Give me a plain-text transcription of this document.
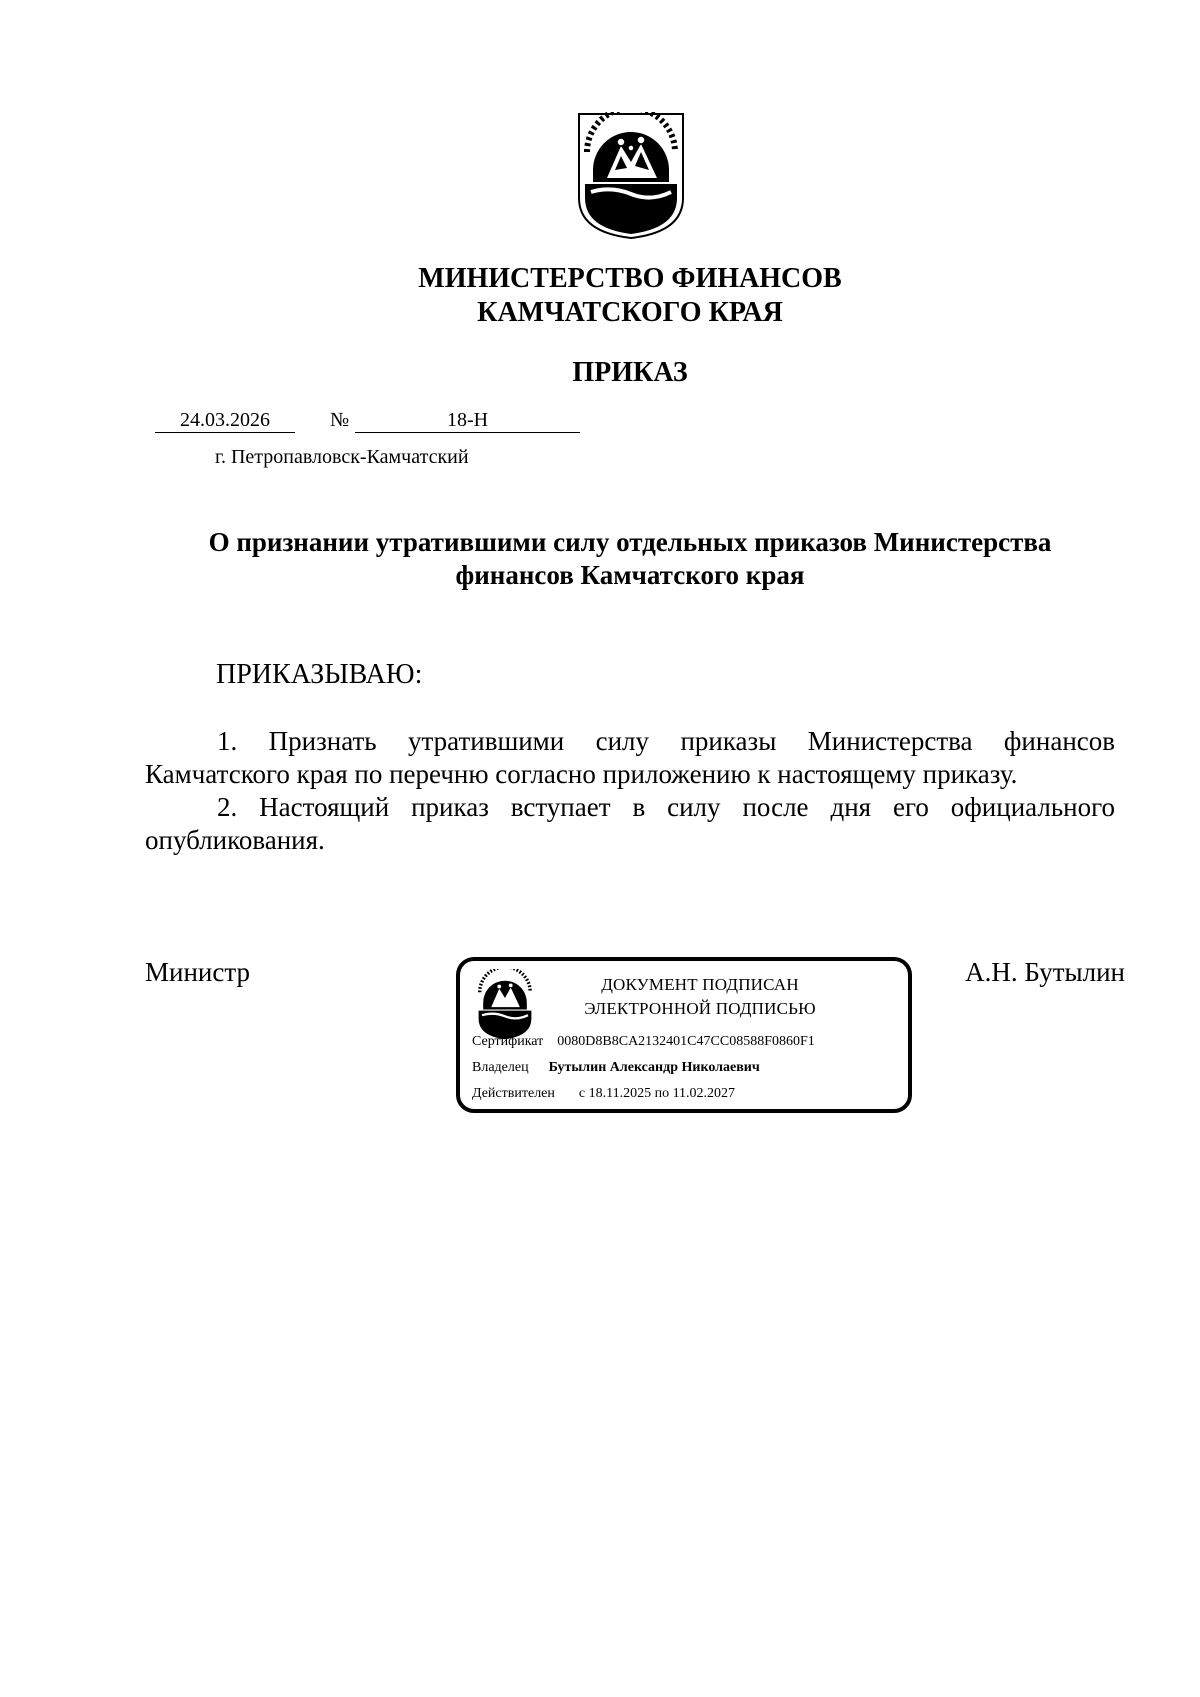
МИНИСТЕРСТВО ФИНАНСОВ
КАМЧАТСКОГО КРАЯ
ПРИКАЗ
24.03.2026	№	18-Н
г. Петропавловск-Камчатский
О признании утратившими силу отдельных приказов Министерства
финансов Камчатского края
ПРИКАЗЫВАЮ:
1. Признать утратившими силу приказы Министерства финансов Камчатского края по перечню согласно приложению к настоящему приказу.
2. Настоящий приказ вступает в силу после дня его официального опубликования.
Министр	А.Н. Бутылин
ДОКУМЕНТ ПОДПИСАН
ЭЛЕКТРОННОЙ ПОДПИСЬЮ
Сертификат 0080D8B8CA2132401C47CC08588F0860F1
Владелец Бутылин Александр Николаевич
Действителен с 18.11.2025 по 11.02.2027
